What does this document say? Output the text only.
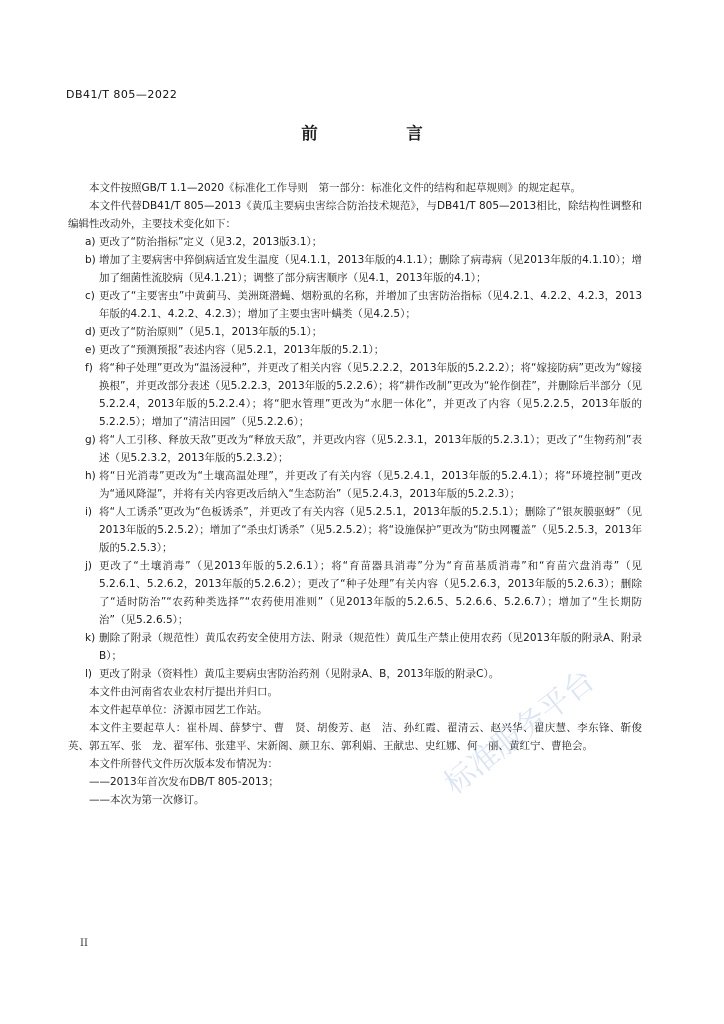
DB41/T 805—2022
前　言

本文件按照GB/T 1.1—2020《标准化工作导则　第一部分：标准化文件的结构和起草规则》的规定起草。

本文件代替DB41/T 805—2013《黄瓜主要病虫害综合防治技术规范》，与DB41/T 805—2013相比，除结构性调整和编辑性改动外，主要技术变化如下：

a) 更改了“防治指标”定义（见3.2，2013版3.1）；
b) 增加了主要病害中猝倒病适宜发生温度（见4.1.1，2013年版的4.1.1）；删除了病毒病（见2013年版的4.1.10）；增加了细菌性流胶病（见4.1.21）；调整了部分病害顺序（见4.1，2013年版的4.1）；
c) 更改了“主要害虫”中黄蓟马、美洲斑潜蝇、烟粉虱的名称，并增加了虫害防治指标（见4.2.1、4.2.2、4.2.3，2013年版的4.2.1、4.2.2、4.2.3）；增加了主要虫害叶螨类（见4.2.5）；
d) 更改了“防治原则”（见5.1，2013年版的5.1）；
e) 更改了“预测预报”表述内容（见5.2.1，2013年版的5.2.1）；
f) 将“种子处理”更改为“温汤浸种”，并更改了相关内容（见5.2.2.2，2013年版的5.2.2.2）；将“嫁接防病”更改为“嫁接换根”，并更改部分表述（见5.2.2.3，2013年版的5.2.2.6）；将“耕作改制”更改为“轮作倒茬”，并删除后半部分（见5.2.2.4，2013年版的5.2.2.4）；将“肥水管理”更改为“水肥一体化”，并更改了内容（见5.2.2.5，2013年版的5.2.2.5）；增加了“清洁田园”（见5.2.2.6）；
g) 将“人工引移、释放天敌”更改为“释放天敌”，并更改内容（见5.2.3.1，2013年版的5.2.3.1）；更改了“生物药剂”表述（见5.2.3.2，2013年版的5.2.3.2）；
h) 将“日光消毒”更改为“土壤高温处理”，并更改了有关内容（见5.2.4.1，2013年版的5.2.4.1）；将“环境控制”更改为“通风降湿”，并将有关内容更改后纳入“生态防治”（见5.2.4.3，2013年版的5.2.2.3）；
i) 将“人工诱杀”更改为“色板诱杀”，并更改了有关内容（见5.2.5.1，2013年版的5.2.5.1）；删除了“银灰膜驱蚜”（见2013年版的5.2.5.2）；增加了“杀虫灯诱杀”（见5.2.5.2）；将“设施保护”更改为“防虫网覆盖”（见5.2.5.3，2013年版的5.2.5.3）；
j) 更改了“土壤消毒”（见2013年版的5.2.6.1）；将“育苗器具消毒”分为“育苗基质消毒”和“育苗穴盘消毒”（见5.2.6.1、5.2.6.2，2013年版的5.2.6.2）；更改了“种子处理”有关内容（见5.2.6.3，2013年版的5.2.6.3）；删除了“适时防治”“农药种类选择”“农药使用准则”（见2013年版的5.2.6.5、5.2.6.6、5.2.6.7）；增加了“生长期防治”（见5.2.6.5）；
k) 删除了附录（规范性）黄瓜农药安全使用方法、附录（规范性）黄瓜生产禁止使用农药（见2013年版的附录A、附录B）；
l) 更改了附录（资料性）黄瓜主要病虫害防治药剂（见附录A、B，2013年版的附录C）。

本文件由河南省农业农村厅提出并归口。

本文件起草单位：济源市园艺工作站。

本文件主要起草人：崔朴周、薛梦宁、曹　贤、胡俊芳、赵　洁、孙红霞、翟清云、赵兴华、翟庆慧、李东锋、靳俊英、郭五军、张　龙、翟军伟、张建平、宋新阁、颜卫东、郭利娟、王献忠、史红娜、何　丽、黄红宁、曹艳会。

本文件所替代文件历次版本发布情况为：

——2013年首次发布DB/T 805-2013；

——本次为第一次修订。	标准服务平台
II
